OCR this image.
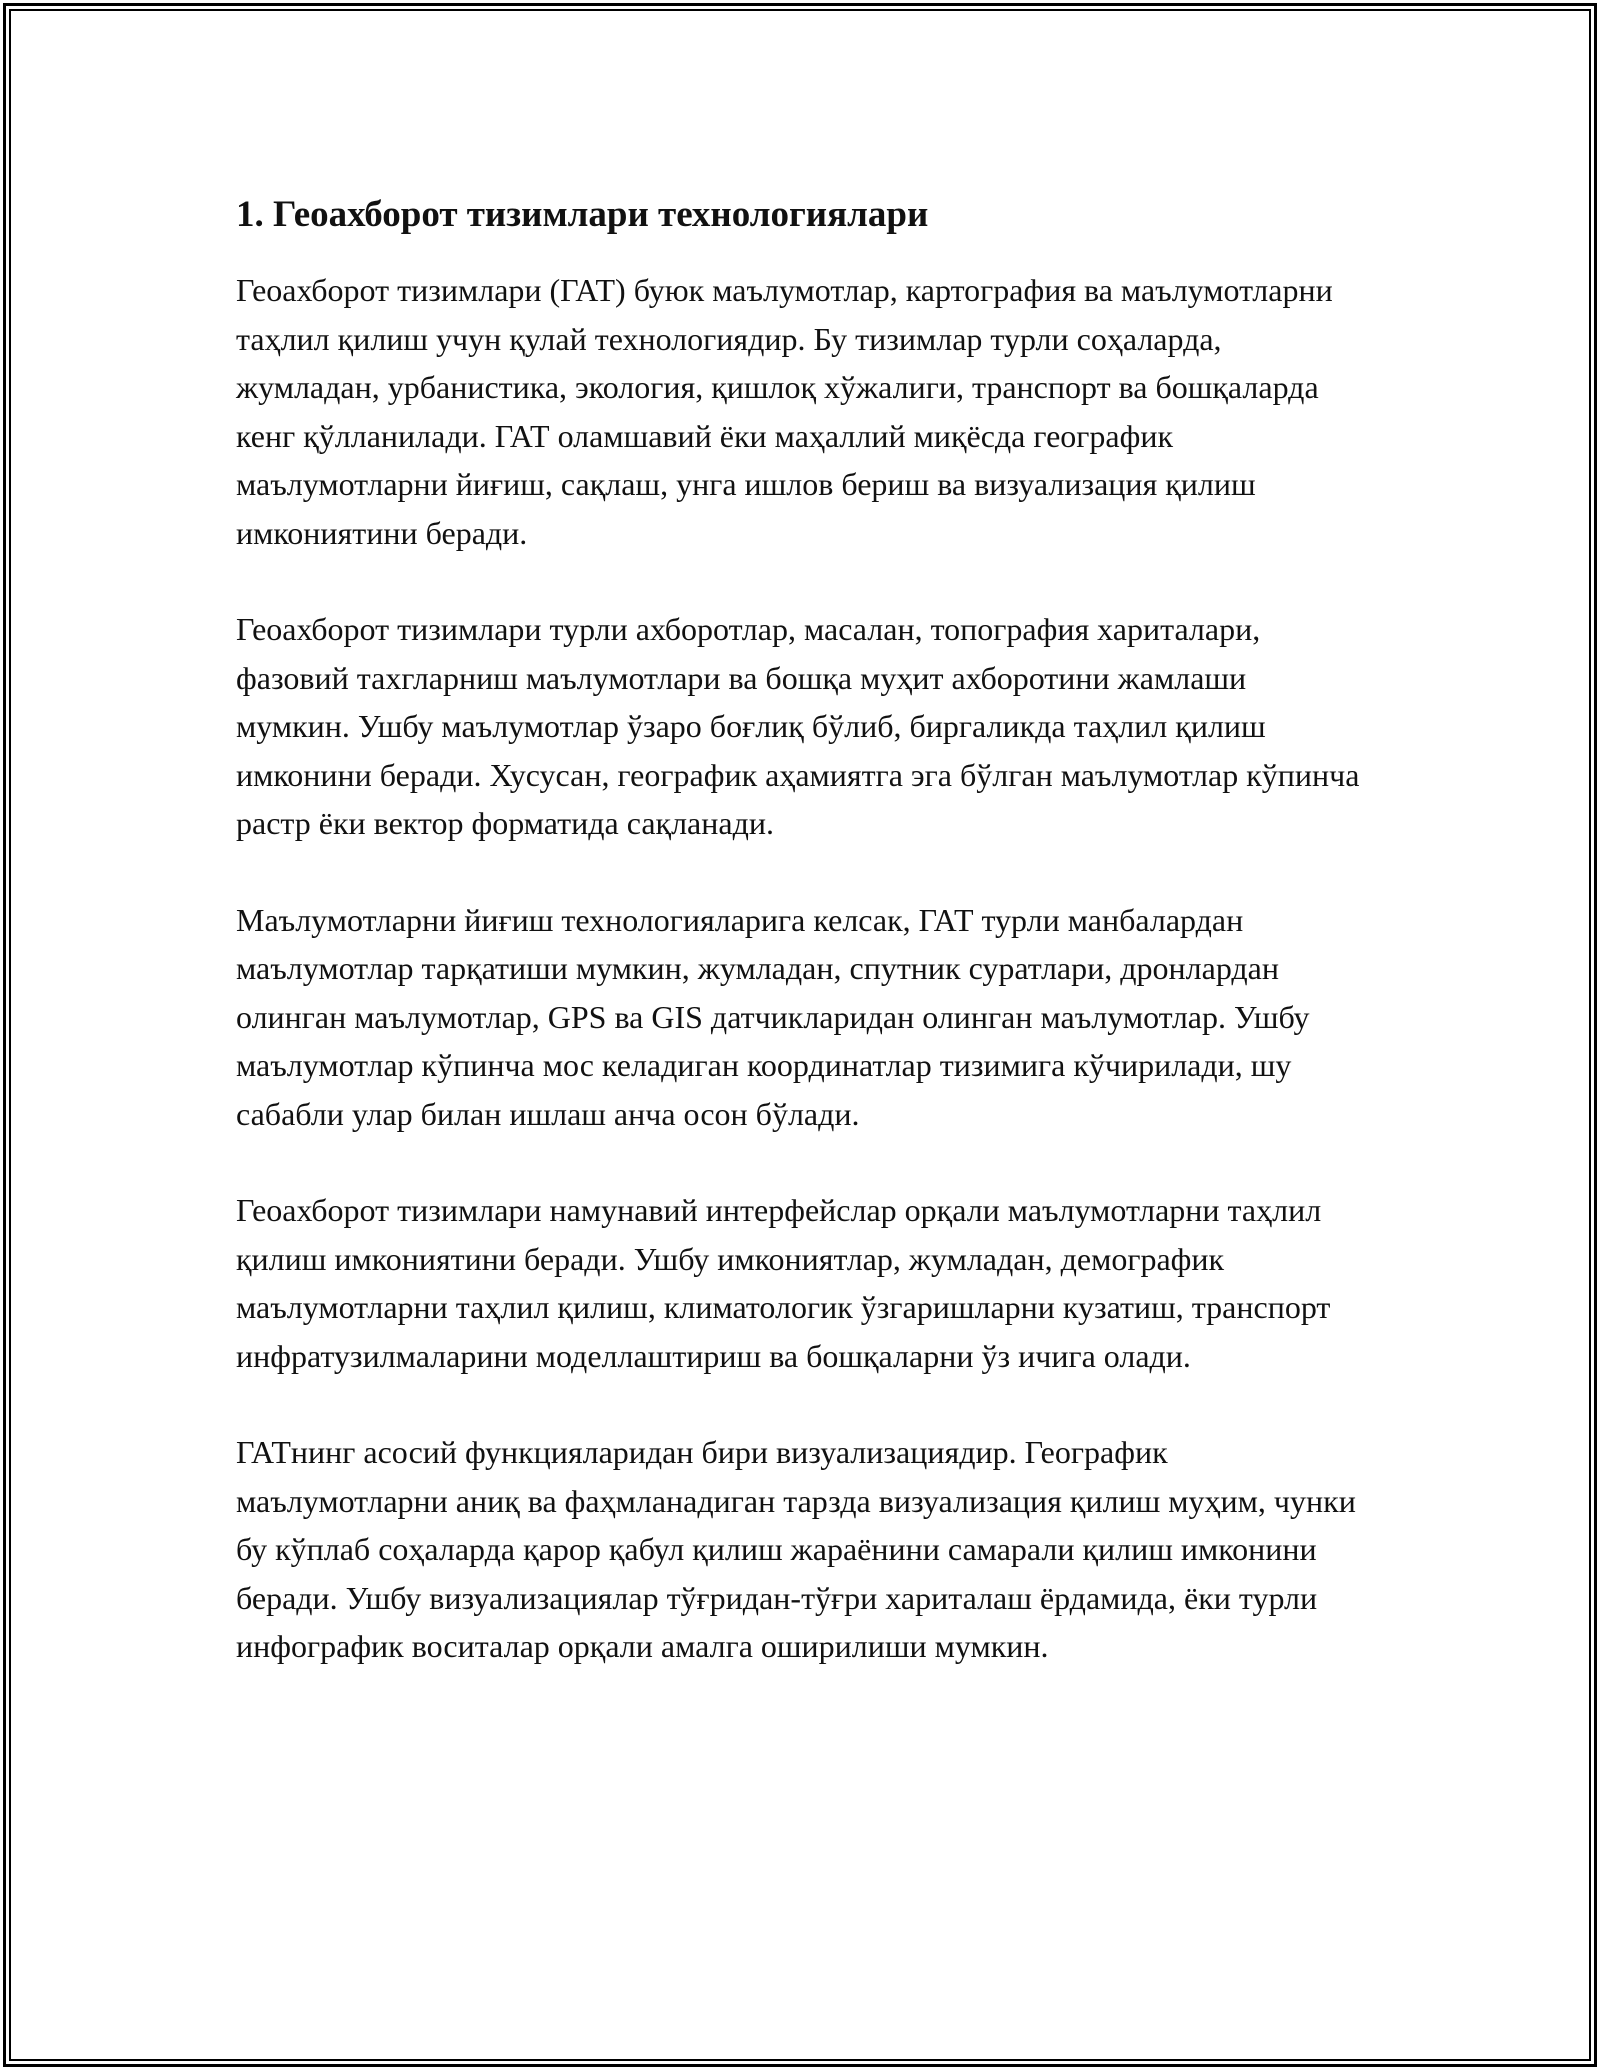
1. Геоахборот тизимлари технологиялари

Геоахборот тизимлари (ГАТ) буюк маълумотлар, картография ва маълумотларни таҳлил қилиш учун қулай технологиядир. Бу тизимлар турли соҳаларда, жумладан, урбанистика, экология, қишлоқ хўжалиги, транспорт ва бошқаларда кенг қўлланилади. ГАТ оламшавий ёки маҳаллий миқёсда географик маълумотларни йиғиш, сақлаш, унга ишлов бериш ва визуализация қилиш имкониятини беради.

Геоахборот тизимлари турли ахборотлар, масалан, топография хариталари, фазовий тахгларниш маълумотлари ва бошқа муҳит ахборотини жамлаши мумкин. Ушбу маълумотлар ўзаро боғлиқ бўлиб, биргаликда таҳлил қилиш имконини беради. Хусусан, географик аҳамиятга эга бўлган маълумотлар кўпинча растр ёки вектор форматида сақланади.

Маълумотларни йиғиш технологияларига келсак, ГАТ турли манбалардан маълумотлар тарқатиши мумкин, жумладан, спутник суратлари, дронлардан олинган маълумотлар, GPS ва GIS датчикларидан олинган маълумотлар. Ушбу маълумотлар кўпинча мос келадиган координатлар тизимига кўчирилади, шу сабабли улар билан ишлаш анча осон бўлади.

Геоахборот тизимлари намунавий интерфейслар орқали маълумотларни таҳлил қилиш имкониятини беради. Ушбу имкониятлар, жумладан, демографик маълумотларни таҳлил қилиш, климатологик ўзгаришларни кузатиш, транспорт инфратузилмаларини моделлаштириш ва бошқаларни ўз ичига олади.

ГАТнинг асосий функцияларидан бири визуализациядир. Географик маълумотларни аниқ ва фаҳмланадиган тарзда визуализация қилиш муҳим, чунки бу кўплаб соҳаларда қарор қабул қилиш жараёнини самарали қилиш имконини беради. Ушбу визуализациялар тўғридан-тўғри хариталаш ёрдамида, ёки турли инфографик воситалар орқали амалга оширилиши мумкин.
